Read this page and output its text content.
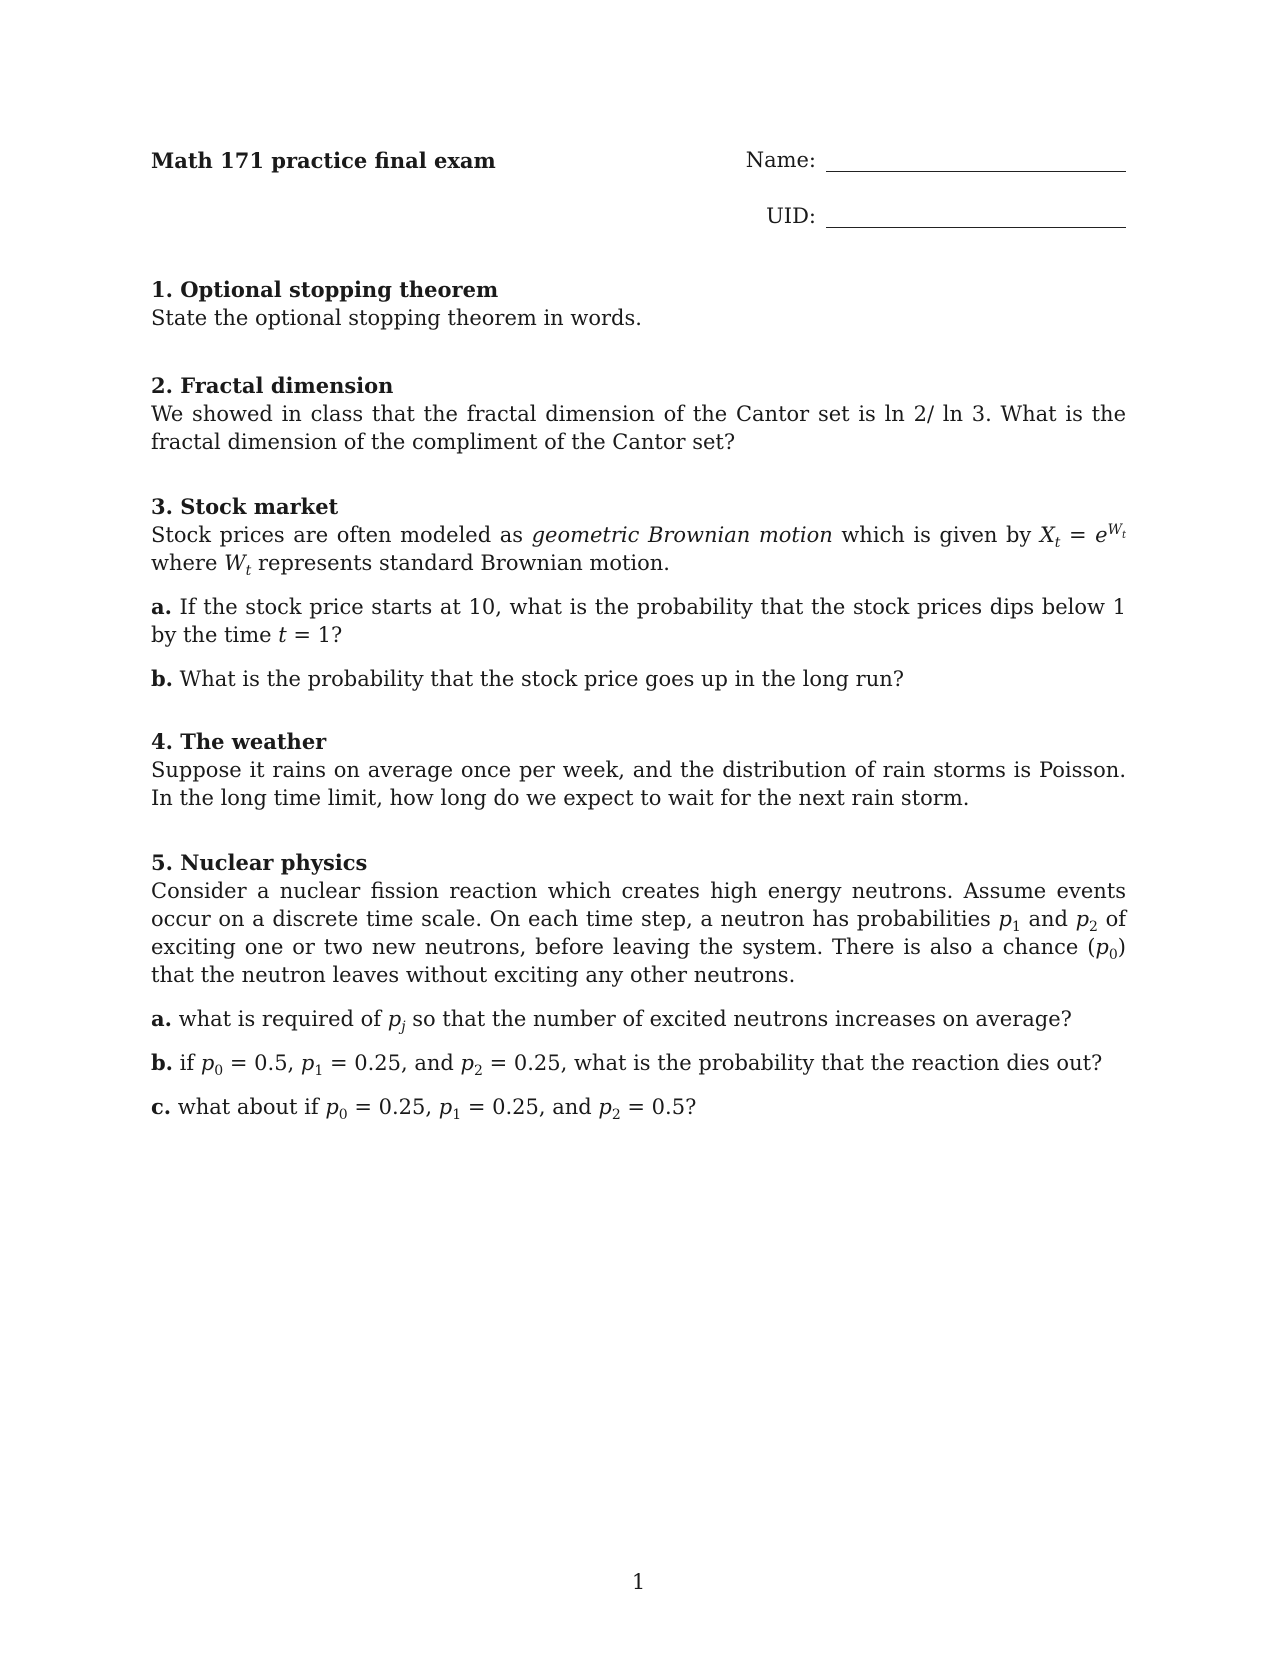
Math 171 practice final exam	Name:
UID:
1. Optional stopping theorem

State the optional stopping theorem in words.

2. Fractal dimension

We showed in class that the fractal dimension of the Cantor set is ln 2/ ln 3. What is the fractal dimension of the compliment of the Cantor set?

3. Stock market

Stock prices are often modeled as geometric Brownian motion which is given by $X_t = e^{W_t}$ where $W_t$ represents standard Brownian motion.

a. If the stock price starts at 10, what is the probability that the stock prices dips below 1 by the time t = 1?

b. What is the probability that the stock price goes up in the long run?

4. The weather

Suppose it rains on average once per week, and the distribution of rain storms is Poisson. In the long time limit, how long do we expect to wait for the next rain storm.

5. Nuclear physics

Consider a nuclear fission reaction which creates high energy neutrons. Assume events occur on a discrete time scale. On each time step, a neutron has probabilities $p_1$ and $p_2$ of exciting one or two new neutrons, before leaving the system. There is also a chance $(p_0)$ that the neutron leaves without exciting any other neutrons.

a. what is required of $p_j$ so that the number of excited neutrons increases on average?

b. if $p_0 = 0.5$, $p_1 = 0.25$, and $p_2 = 0.25$, what is the probability that the reaction dies out?

c. what about if $p_0 = 0.25$, $p_1 = 0.25$, and $p_2 = 0.5$?

1
